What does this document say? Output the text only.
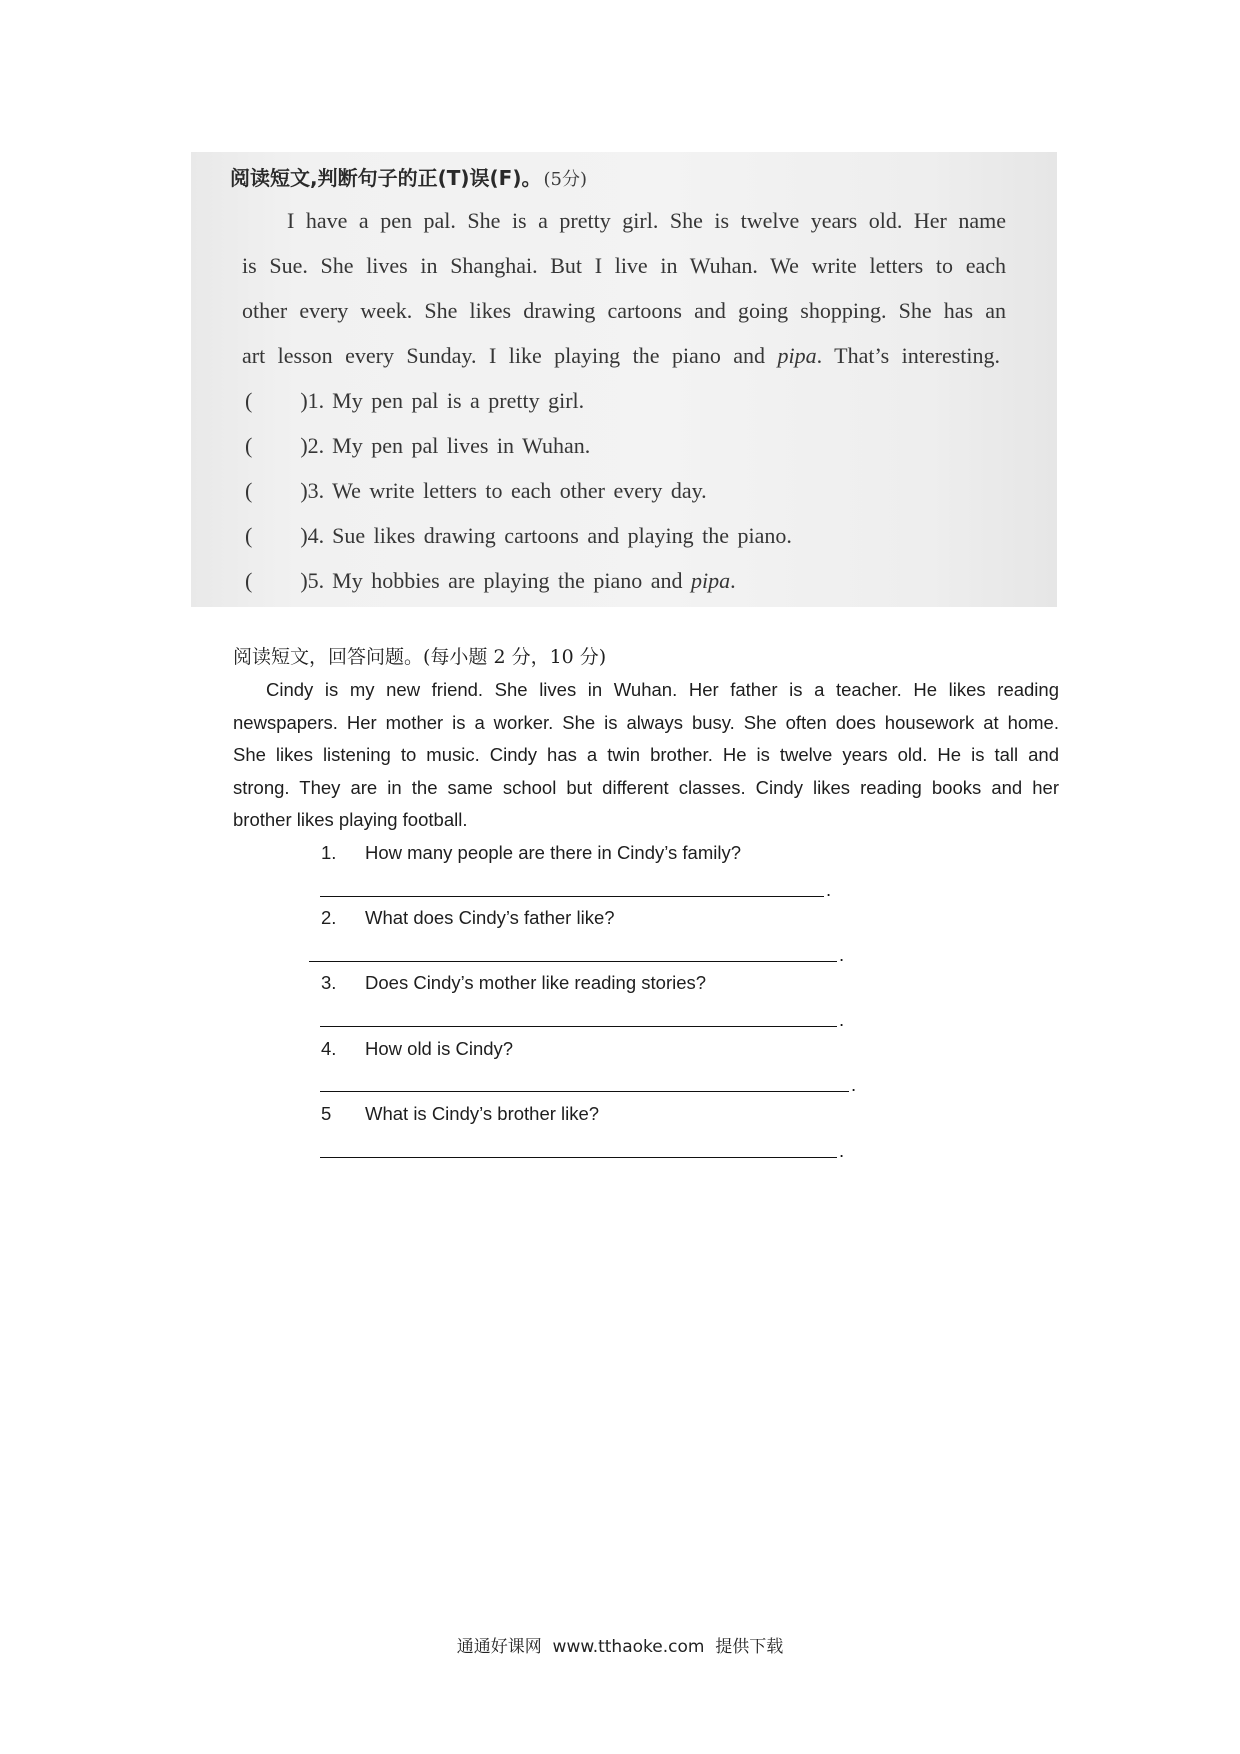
阅读短文,判断句子的正(T)误(F)。 (5分)
I have a pen pal. She is a pretty girl. She is twelve years old. Her name
is Sue. She lives in Shanghai. But I live in Wuhan. We write letters to each
other every week. She likes drawing cartoons and going shopping. She has an
art lesson every Sunday. I like playing the piano and pipa. That’s interesting.
( )1. My pen pal is a pretty girl.
( )2. My pen pal lives in Wuhan.
( )3. We write letters to each other every day.
( )4. Sue likes drawing cartoons and playing the piano.
( )5. My hobbies are playing the piano and pipa.
阅读短文，回答问题。(每小题 2 分，10 分)
Cindy is my new friend. She lives in Wuhan. Her father is a teacher. He likes reading
newspapers. Her mother is a worker. She is always busy. She often does housework at home.
She likes listening to music. Cindy has a twin brother. He is twelve years old. He is tall and
strong. They are in the same school but different classes. Cindy likes reading books and her
brother likes playing football.
1. How many people are there in Cindy’s family?
.
2. What does Cindy’s father like?
.
3. Does Cindy’s mother like reading stories?
.
4. How old is Cindy?
.
5 What is Cindy’s brother like?
.
通通好课网  www.tthaoke.com  提供下载
